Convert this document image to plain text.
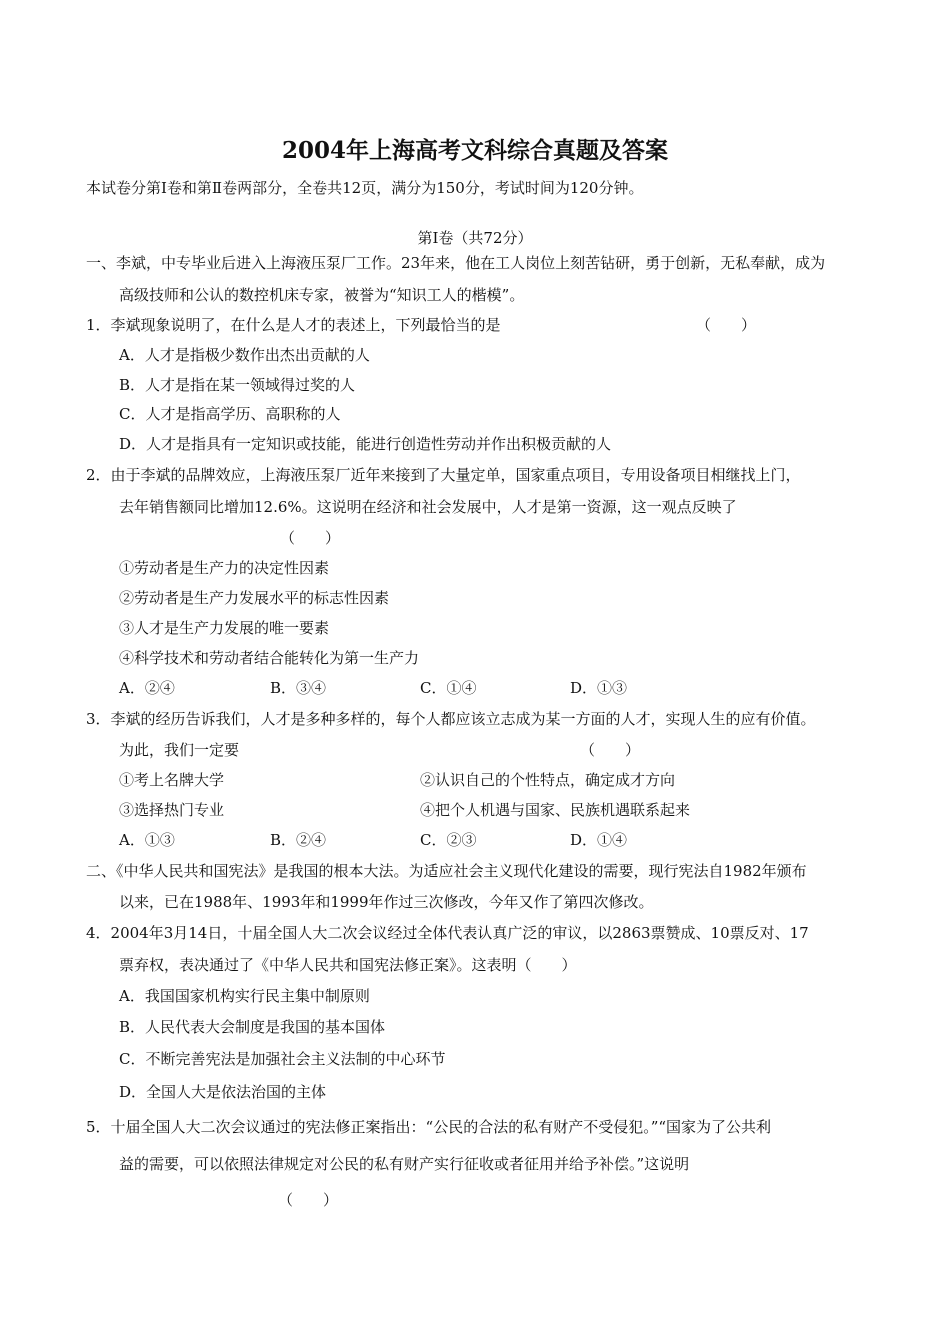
2004年上海高考文科综合真题及答案
本试卷分第Ⅰ卷和第Ⅱ卷两部分，全卷共12页，满分为150分，考试时间为120分钟。
第Ⅰ卷（共72分）
一、李斌，中专毕业后进入上海液压泵厂工作。23年来，他在工人岗位上刻苦钻研，勇于创新，无私奉献，成为
高级技师和公认的数控机床专家，被誉为“知识工人的楷模”。
1．李斌现象说明了，在什么是人才的表述上，下列最恰当的是	（　　）
A．人才是指极少数作出杰出贡献的人
B．人才是指在某一领域得过奖的人
C．人才是指高学历、高职称的人
D．人才是指具有一定知识或技能，能进行创造性劳动并作出积极贡献的人
2．由于李斌的品牌效应，上海液压泵厂近年来接到了大量定单，国家重点项目，专用设备项目相继找上门，
去年销售额同比增加12.6%。这说明在经济和社会发展中，人才是第一资源，这一观点反映了
（　　）
①劳动者是生产力的决定性因素
②劳动者是生产力发展水平的标志性因素
③人才是生产力发展的唯一要素
④科学技术和劳动者结合能转化为第一生产力
A．②④	B．③④	C．①④	D．①③
3．李斌的经历告诉我们，人才是多种多样的，每个人都应该立志成为某一方面的人才，实现人生的应有价值。
为此，我们一定要	（　　）
①考上名牌大学	②认识自己的个性特点，确定成才方向
③选择热门专业	④把个人机遇与国家、民族机遇联系起来
A．①③	B．②④	C．②③	D．①④
二、《中华人民共和国宪法》是我国的根本大法。为适应社会主义现代化建设的需要，现行宪法自1982年颁布
以来，已在1988年、1993年和1999年作过三次修改，今年又作了第四次修改。
4．2004年3月14日，十届全国人大二次会议经过全体代表认真广泛的审议，以2863票赞成、10票反对、17
票弃权，表决通过了《中华人民共和国宪法修正案》。这表明（　　）
A．我国国家机构实行民主集中制原则
B．人民代表大会制度是我国的基本国体
C．不断完善宪法是加强社会主义法制的中心环节
D．全国人大是依法治国的主体
5．十届全国人大二次会议通过的宪法修正案指出：“公民的合法的私有财产不受侵犯。”“国家为了公共利
益的需要，可以依照法律规定对公民的私有财产实行征收或者征用并给予补偿。”这说明
（　　）
